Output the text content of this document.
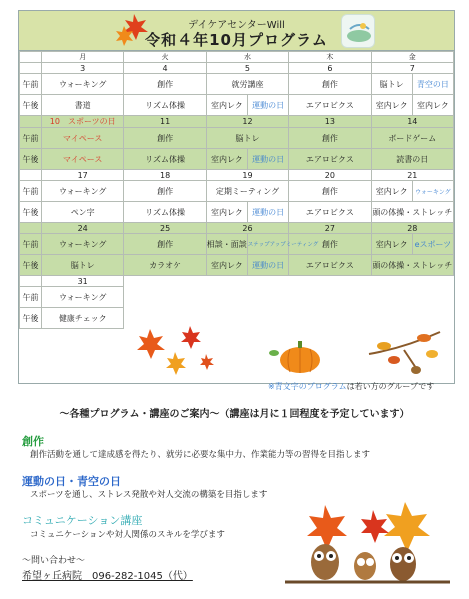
デイケアセンターWill
令和４年10月プログラム
	月	火	水	木	金
	3	4	5	6	7
午前	ウォーキング	創作	就労講座	創作	脳トレ 青空の日

午後	書道	リズム体操	室内レク 運動の日	エアロビクス	室内レク 室内レク

	10　スポーツの日	11	12	13	14
午前	マイペース	創作	脳トレ	創作	ボードゲーム
午後	マイペース	リズム体操	室内レク 運動の日	エアロビクス	読書の日
	17	18	19	20	21
午前	ウォーキング	創作	定期ミーティング	創作	室内レク ウォーキング

午後	ペン字	リズム体操	室内レク 運動の日	エアロビクス	頭の体操・ストレッチ
	24	25	26	27	28
午前	ウォーキング	創作	相談・面談 ステップアップミーティング	創作	室内レク eスポーツ

午後	脳トレ	カラオケ	室内レク 運動の日	エアロビクス	頭の体操・ストレッチ
	31				
午前	ウォーキング				
午後	健康チェック				
※青文字のプログラムは若い方のグループです
～各種プログラム・講座のご案内～（講座は月に１回程度を予定しています）
創作
創作活動を通して達成感を得たり、就労に必要な集中力、作業能力等の習得を目指します
運動の日・青空の日
スポーツを通し、ストレス発散や対人交流の構築を目指します
コミュニケーション講座
コミュニケーションや対人関係のスキルを学びます
～問い合わせ～
希望ヶ丘病院　096-282-1045（代）
